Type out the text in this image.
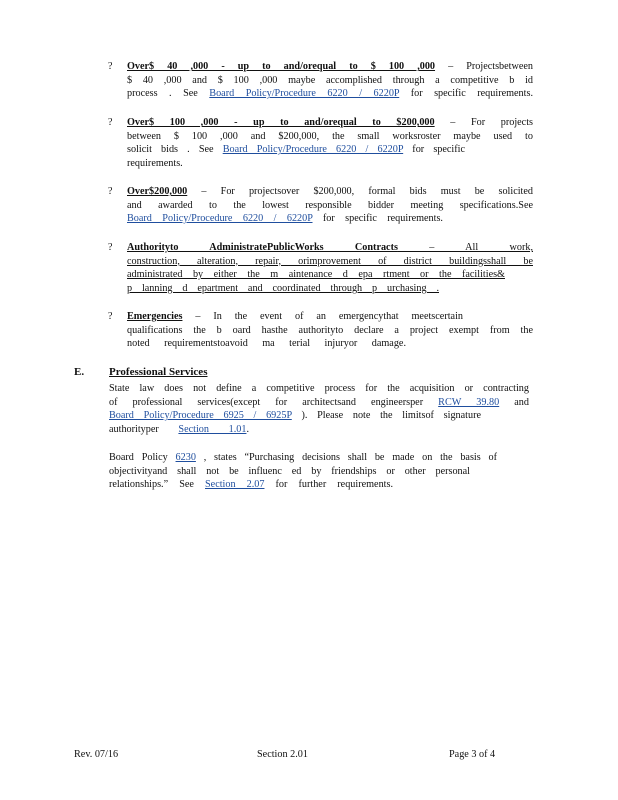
?	Over$ 40 ,000 - up to and/orequal to $ 100 ,000 – Projectsbetween
$ 40 ,000 and $ 100 ,000 maybe accomplished through a competitive b id
process . See Board Policy/Procedure 6220 / 6220P for specific requirements.
?	Over$ 100 ,000 - up to and/orequal to $200,000 – For projects
between $ 100 ,000 and $200,000, the small worksroster maybe used to
solicit bids . See Board Policy/Procedure 6220 / 6220P for specific
requirements.
?	Over$200,000 – For projectsover $200,000, formal bids must be solicited
and awarded to the lowest responsible bidder meeting specifications.See
Board Policy/Procedure 6220 / 6220P for specific requirements.
?	Authorityto AdministratePublicWorks Contracts – All work,
construction, alteration, repair, orimprovement of district buildingsshall be
administrated by either the m aintenance d epa rtment or the facilities&
p lanning d epartment and coordinated through p urchasing .
?	Emergencies – In the event of an emergencythat meetscertain
qualifications the b oard hasthe authorityto declare a project exempt from the
noted requirementstoavoid ma terial injuryor damage.
E. Professional Services
State law does not define a competitive process for the acquisition or contracting
of professional services(except for architectsand engineersper RCW 39.80 and
Board Policy/Procedure 6925 / 6925P ). Please note the limitsof signature
authorityper Section 1.01.
Board Policy 6230 , states “Purchasing decisions shall be made on the basis of
objectivityand shall not be influenc ed by friendships or other personal
relationships.” See Section 2.07 for further requirements.
Rev. 07/16	Section 2.01	Page 3 of 4
